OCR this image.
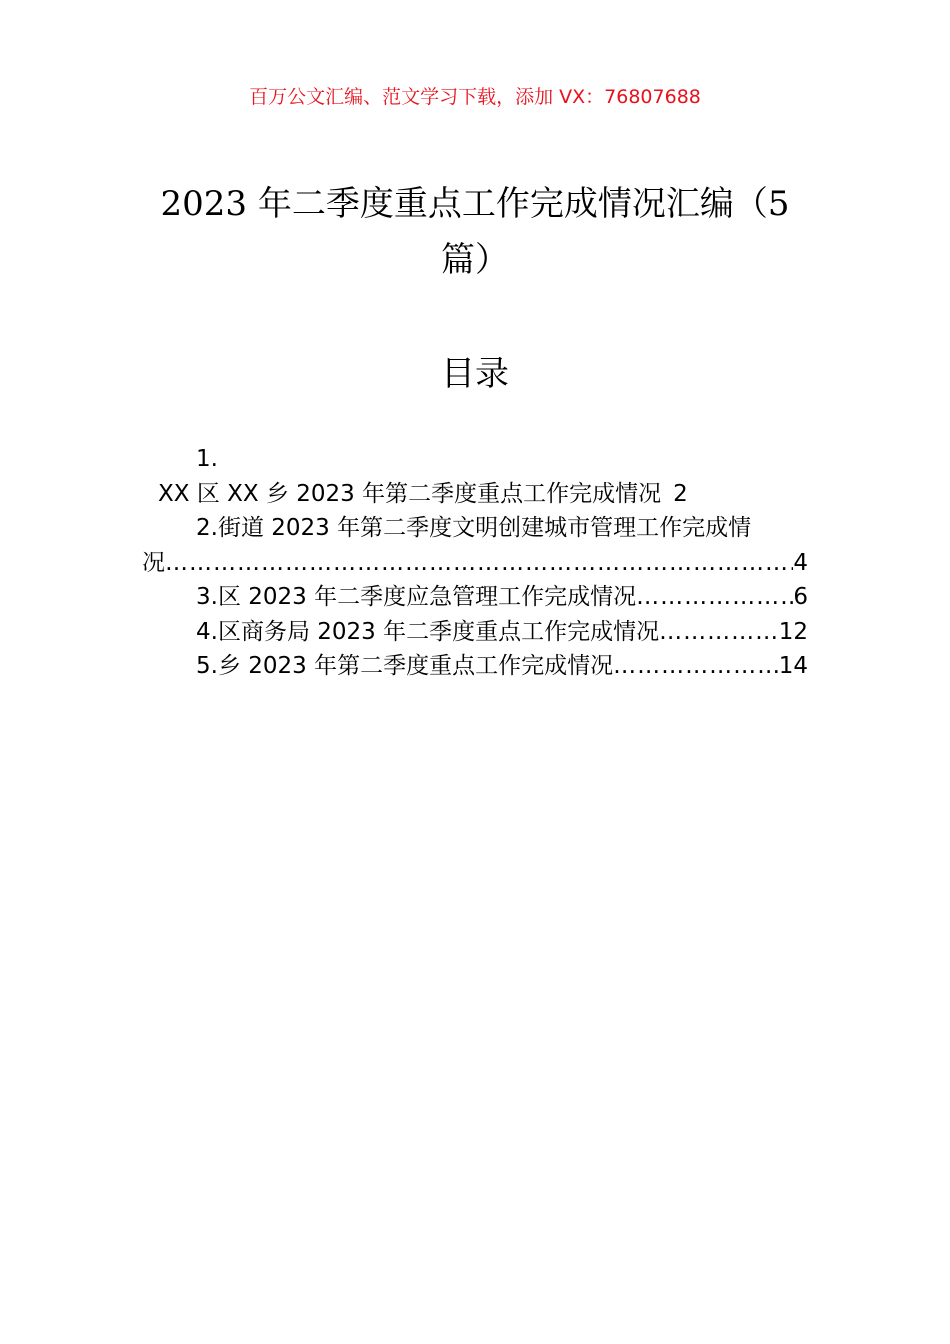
百万公文汇编、范文学习下载，添加 VX：76807688
2023 年二季度重点工作完成情况汇编（5
篇）
目录
1.
XX 区 XX 乡 2023 年第二季度重点工作完成情况 2
2.街道 2023 年第二季度文明创建城市管理工作完成情
况 ……………………………………………………………………………………………………………………………………	4
3.区 2023 年二季度应急管理工作完成情况 ……………………………………………………………………………………………………………………………………	6
4.区商务局 2023 年二季度重点工作完成情况 ……………………………………………………………………………………………………………………………………	12
5.乡 2023 年第二季度重点工作完成情况 ……………………………………………………………………………………………………………………………………	14
